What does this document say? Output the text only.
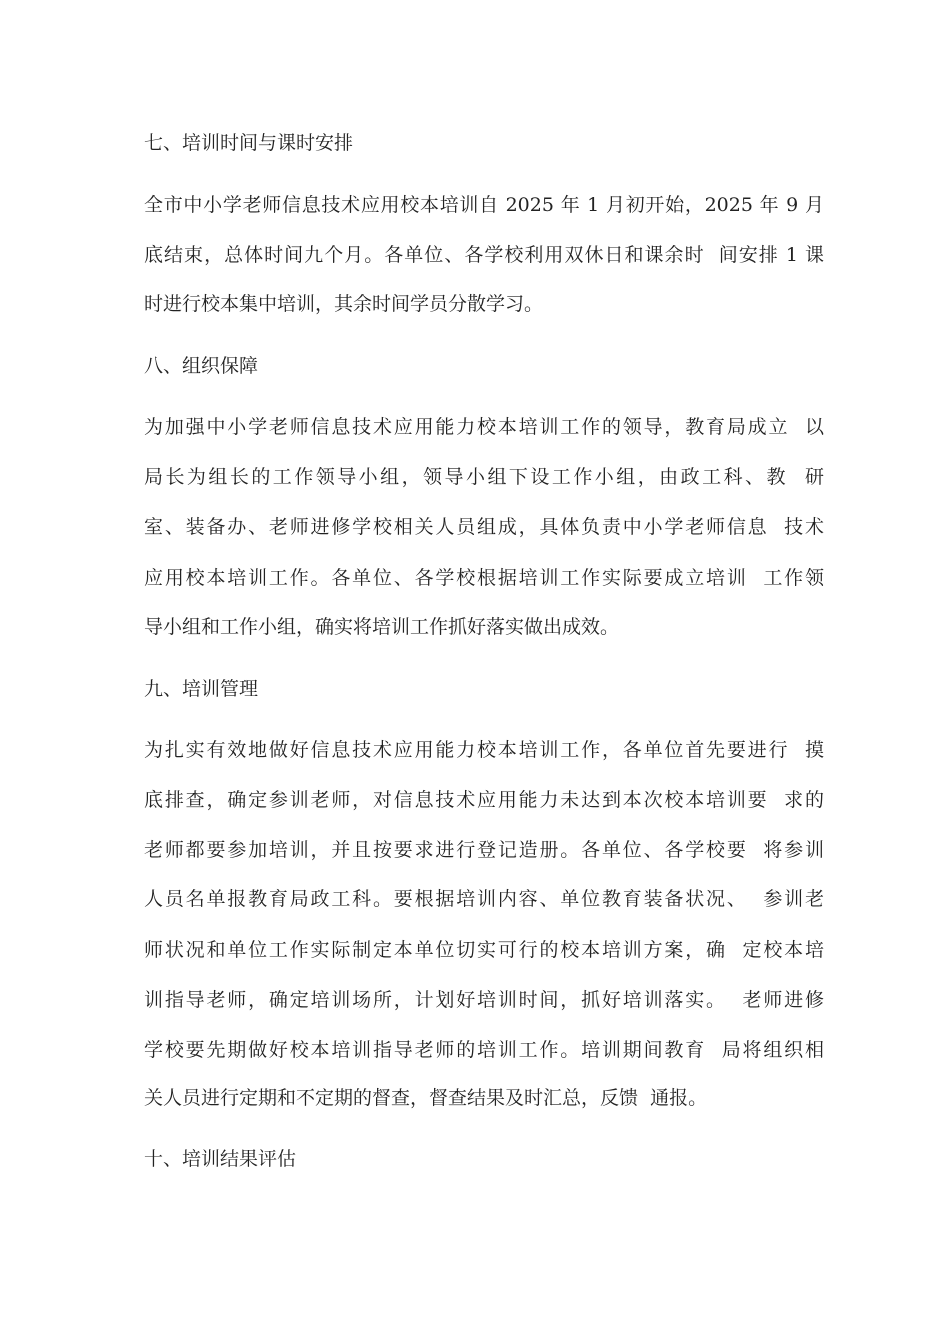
七、培训时间与课时安排
全市中小学老师信息技术应用校本培训自 2025 年 1 月初开始，2025 年 9 月
底结束，总体时间九个月。各单位、各学校利用双休日和课余时  间安排 1 课
时进行校本集中培训，其余时间学员分散学习。
八、组织保障
为加强中小学老师信息技术应用能力校本培训工作的领导，教育局成立  以
局长为组长的工作领导小组，领导小组下设工作小组，由政工科、教  研
室、装备办、老师进修学校相关人员组成，具体负责中小学老师信息  技术
应用校本培训工作。各单位、各学校根据培训工作实际要成立培训  工作领
导小组和工作小组，确实将培训工作抓好落实做出成效。
九、培训管理
为扎实有效地做好信息技术应用能力校本培训工作，各单位首先要进行  摸
底排查，确定参训老师，对信息技术应用能力未达到本次校本培训要  求的
老师都要参加培训，并且按要求进行登记造册。各单位、各学校要  将参训
人员名单报教育局政工科。要根据培训内容、单位教育装备状况、  参训老
师状况和单位工作实际制定本单位切实可行的校本培训方案，确  定校本培
训指导老师，确定培训场所，计划好培训时间，抓好培训落实。  老师进修
学校要先期做好校本培训指导老师的培训工作。培训期间教育  局将组织相
关人员进行定期和不定期的督查，督查结果及时汇总，反馈  通报。
十、培训结果评估
